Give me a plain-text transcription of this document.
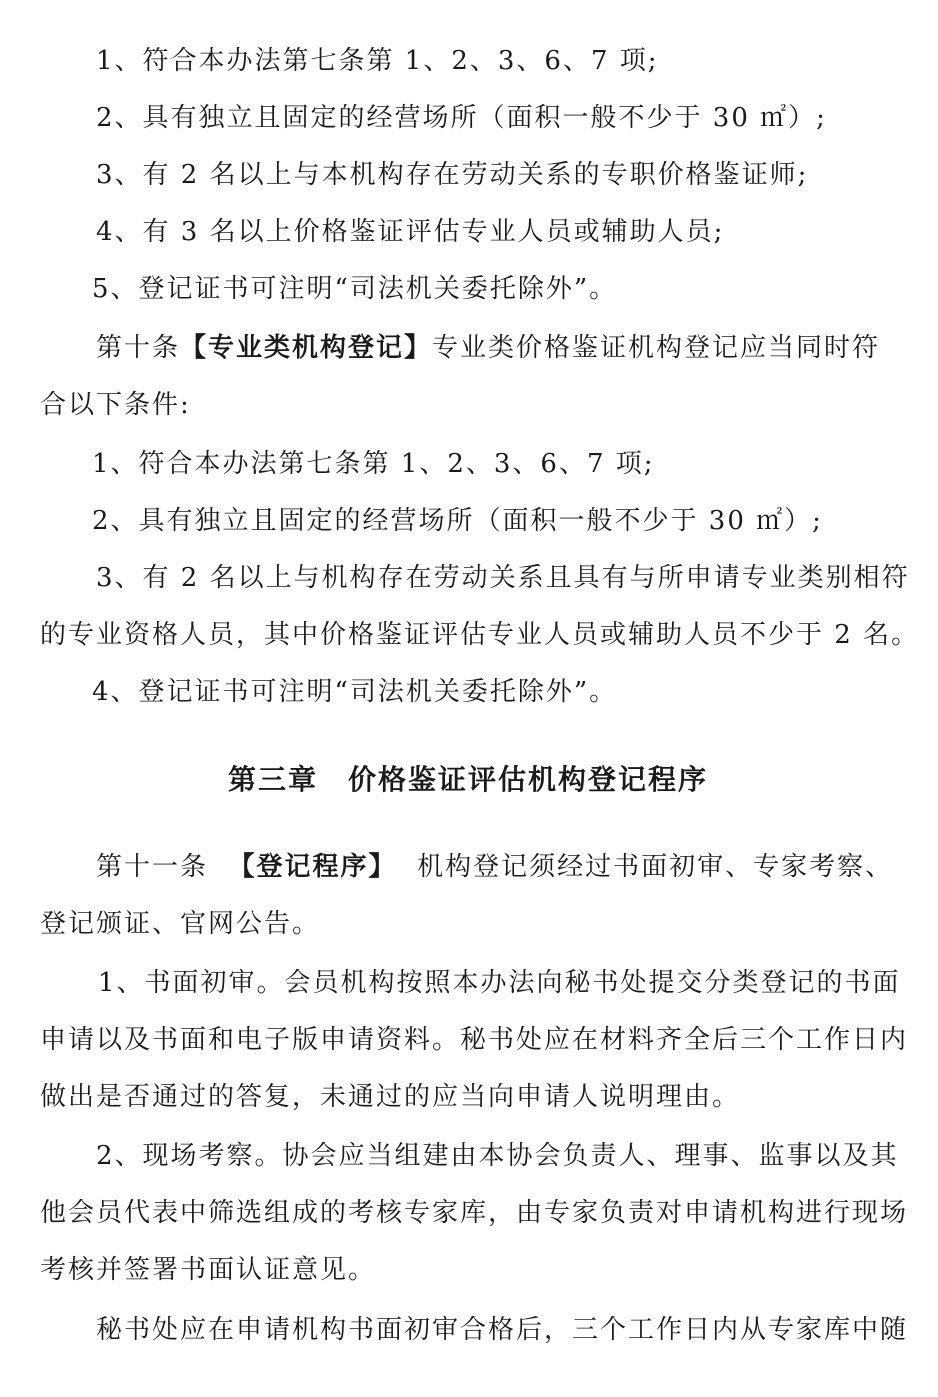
1、符合本办法第七条第 1、2、3、6、7 项;
2、具有独立且固定的经营场所（面积一般不少于 30 ㎡）;
3、有 2 名以上与本机构存在劳动关系的专职价格鉴证师;
4、有 3 名以上价格鉴证评估专业人员或辅助人员;
5、登记证书可注明“司法机关委托除外”。
第十条【专业类机构登记】专业类价格鉴证机构登记应当同时符
合以下条件:
1、符合本办法第七条第 1、2、3、6、7 项;
2、具有独立且固定的经营场所（面积一般不少于 30 ㎡）;
3、有 2 名以上与机构存在劳动关系且具有与所申请专业类别相符
的专业资格人员，其中价格鉴证评估专业人员或辅助人员不少于 2 名。
4、登记证书可注明“司法机关委托除外”。
第三章　价格鉴证评估机构登记程序
第十一条 【登记程序】 机构登记须经过书面初审、专家考察、
登记颁证、官网公告。
1、书面初审。会员机构按照本办法向秘书处提交分类登记的书面
申请以及书面和电子版申请资料。秘书处应在材料齐全后三个工作日内
做出是否通过的答复，未通过的应当向申请人说明理由。
2、现场考察。协会应当组建由本协会负责人、理事、监事以及其
他会员代表中筛选组成的考核专家库，由专家负责对申请机构进行现场
考核并签署书面认证意见。
秘书处应在申请机构书面初审合格后，三个工作日内从专家库中随
